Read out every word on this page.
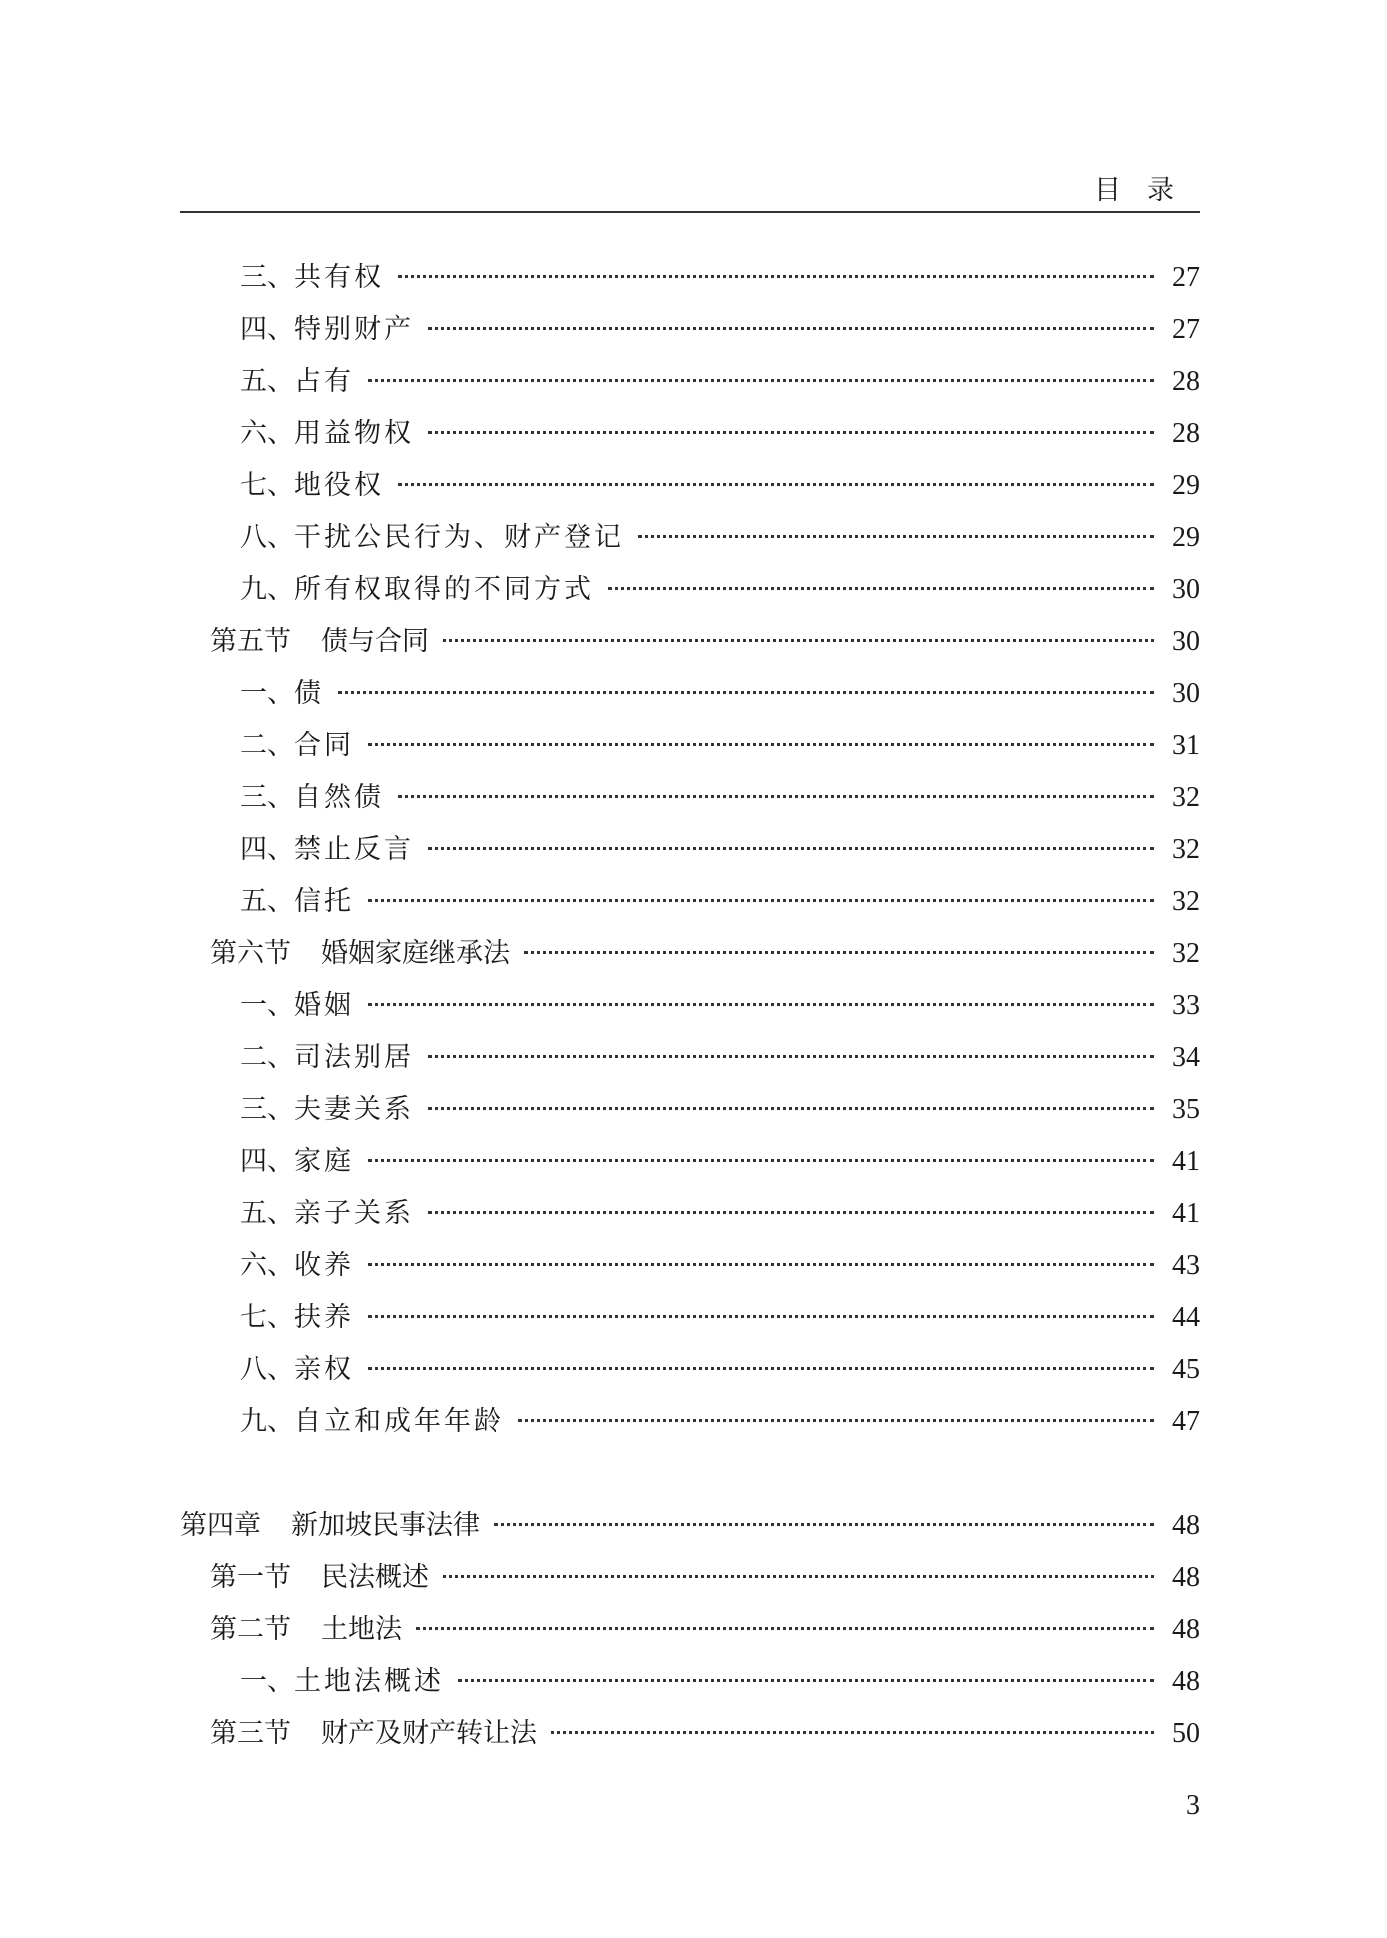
目录
三、 共有权	27
四、 特别财产	27
五、 占有	28
六、 用益物权	28
七、 地役权	29
八、 干扰公民行为、财产登记	29
九、 所有权取得的不同方式	30
第五节 债与合同	30
一、 债	30
二、 合同	31
三、 自然债	32
四、 禁止反言	32
五、 信托	32
第六节 婚姻家庭继承法	32
一、 婚姻	33
二、 司法别居	34
三、 夫妻关系	35
四、 家庭	41
五、 亲子关系	41
六、 收养	43
七、 扶养	44
八、 亲权	45
九、 自立和成年年龄	47
第四章 新加坡民事法律	48
第一节 民法概述	48
第二节 土地法	48
一、 土地法概述	48
第三节 财产及财产转让法	50
3
